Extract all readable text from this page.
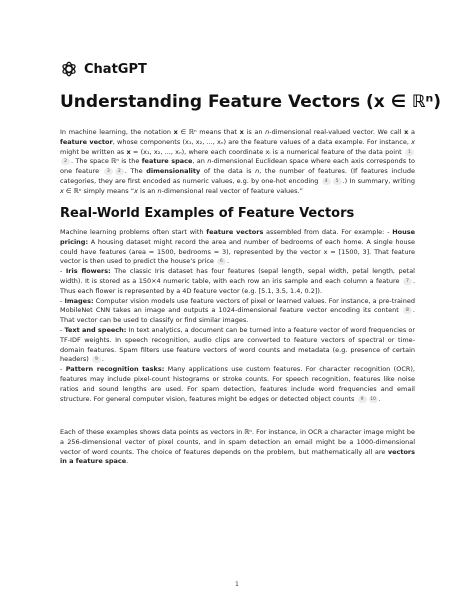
ChatGPT
Understanding Feature Vectors (x ∈ ℝⁿ)
In machine learning, the notation x ∈ ℝⁿ means that x is an n-dimensional real-valued vector. We call x a feature vector, whose components (x₁, x₂, ..., xₙ) are the feature values of a data example. For instance, x might be written as x = (x₁, x₂, ..., xₙ), where each coordinate xᵢ is a numerical feature of the data point 12 . The space ℝⁿ is the feature space, an n-dimensional Euclidean space where each axis corresponds to one feature 3 2 . The dimensionality of the data is n, the number of features. (If features include categories, they are first encoded as numeric values, e.g. by one-hot encoding 4 5 .) In summary, writing x ∈ ℝⁿ simply means “x is an n-dimensional real vector of feature values.”
Real-World Examples of Feature Vectors
Machine learning problems often start with feature vectors assembled from data. For example: - House pricing: A housing dataset might record the area and number of bedrooms of each home. A single house could have features (area = 1500, bedrooms = 3), represented by the vector x = [1500, 3]. That feature vector is then used to predict the house’s price 6 .
- Iris flowers: The classic Iris dataset has four features (sepal length, sepal width, petal length, petal width). It is stored as a 150×4 numeric table, with each row an iris sample and each column a feature 7 . Thus each flower is represented by a 4D feature vector (e.g. [5.1, 3.5, 1.4, 0.2]).
- Images: Computer vision models use feature vectors of pixel or learned values. For instance, a pre-trained MobileNet CNN takes an image and outputs a 1024-dimensional feature vector encoding its content 8 . That vector can be used to classify or find similar images.
- Text and speech: In text analytics, a document can be turned into a feature vector of word frequencies or TF-IDF weights. In speech recognition, audio clips are converted to feature vectors of spectral or time-domain features. Spam filters use feature vectors of word counts and metadata (e.g. presence of certain headers) 9 .
- Pattern recognition tasks: Many applications use custom features. For character recognition (OCR), features may include pixel-count histograms or stroke counts. For speech recognition, features like noise ratios and sound lengths are used. For spam detection, features include word frequencies and email structure. For general computer vision, features might be edges or detected object counts 9 10 .
Each of these examples shows data points as vectors in ℝⁿ. For instance, in OCR a character image might be a 256-dimensional vector of pixel counts, and in spam detection an email might be a 1000-dimensional vector of word counts. The choice of features depends on the problem, but mathematically all are vectors in a feature space.
1
